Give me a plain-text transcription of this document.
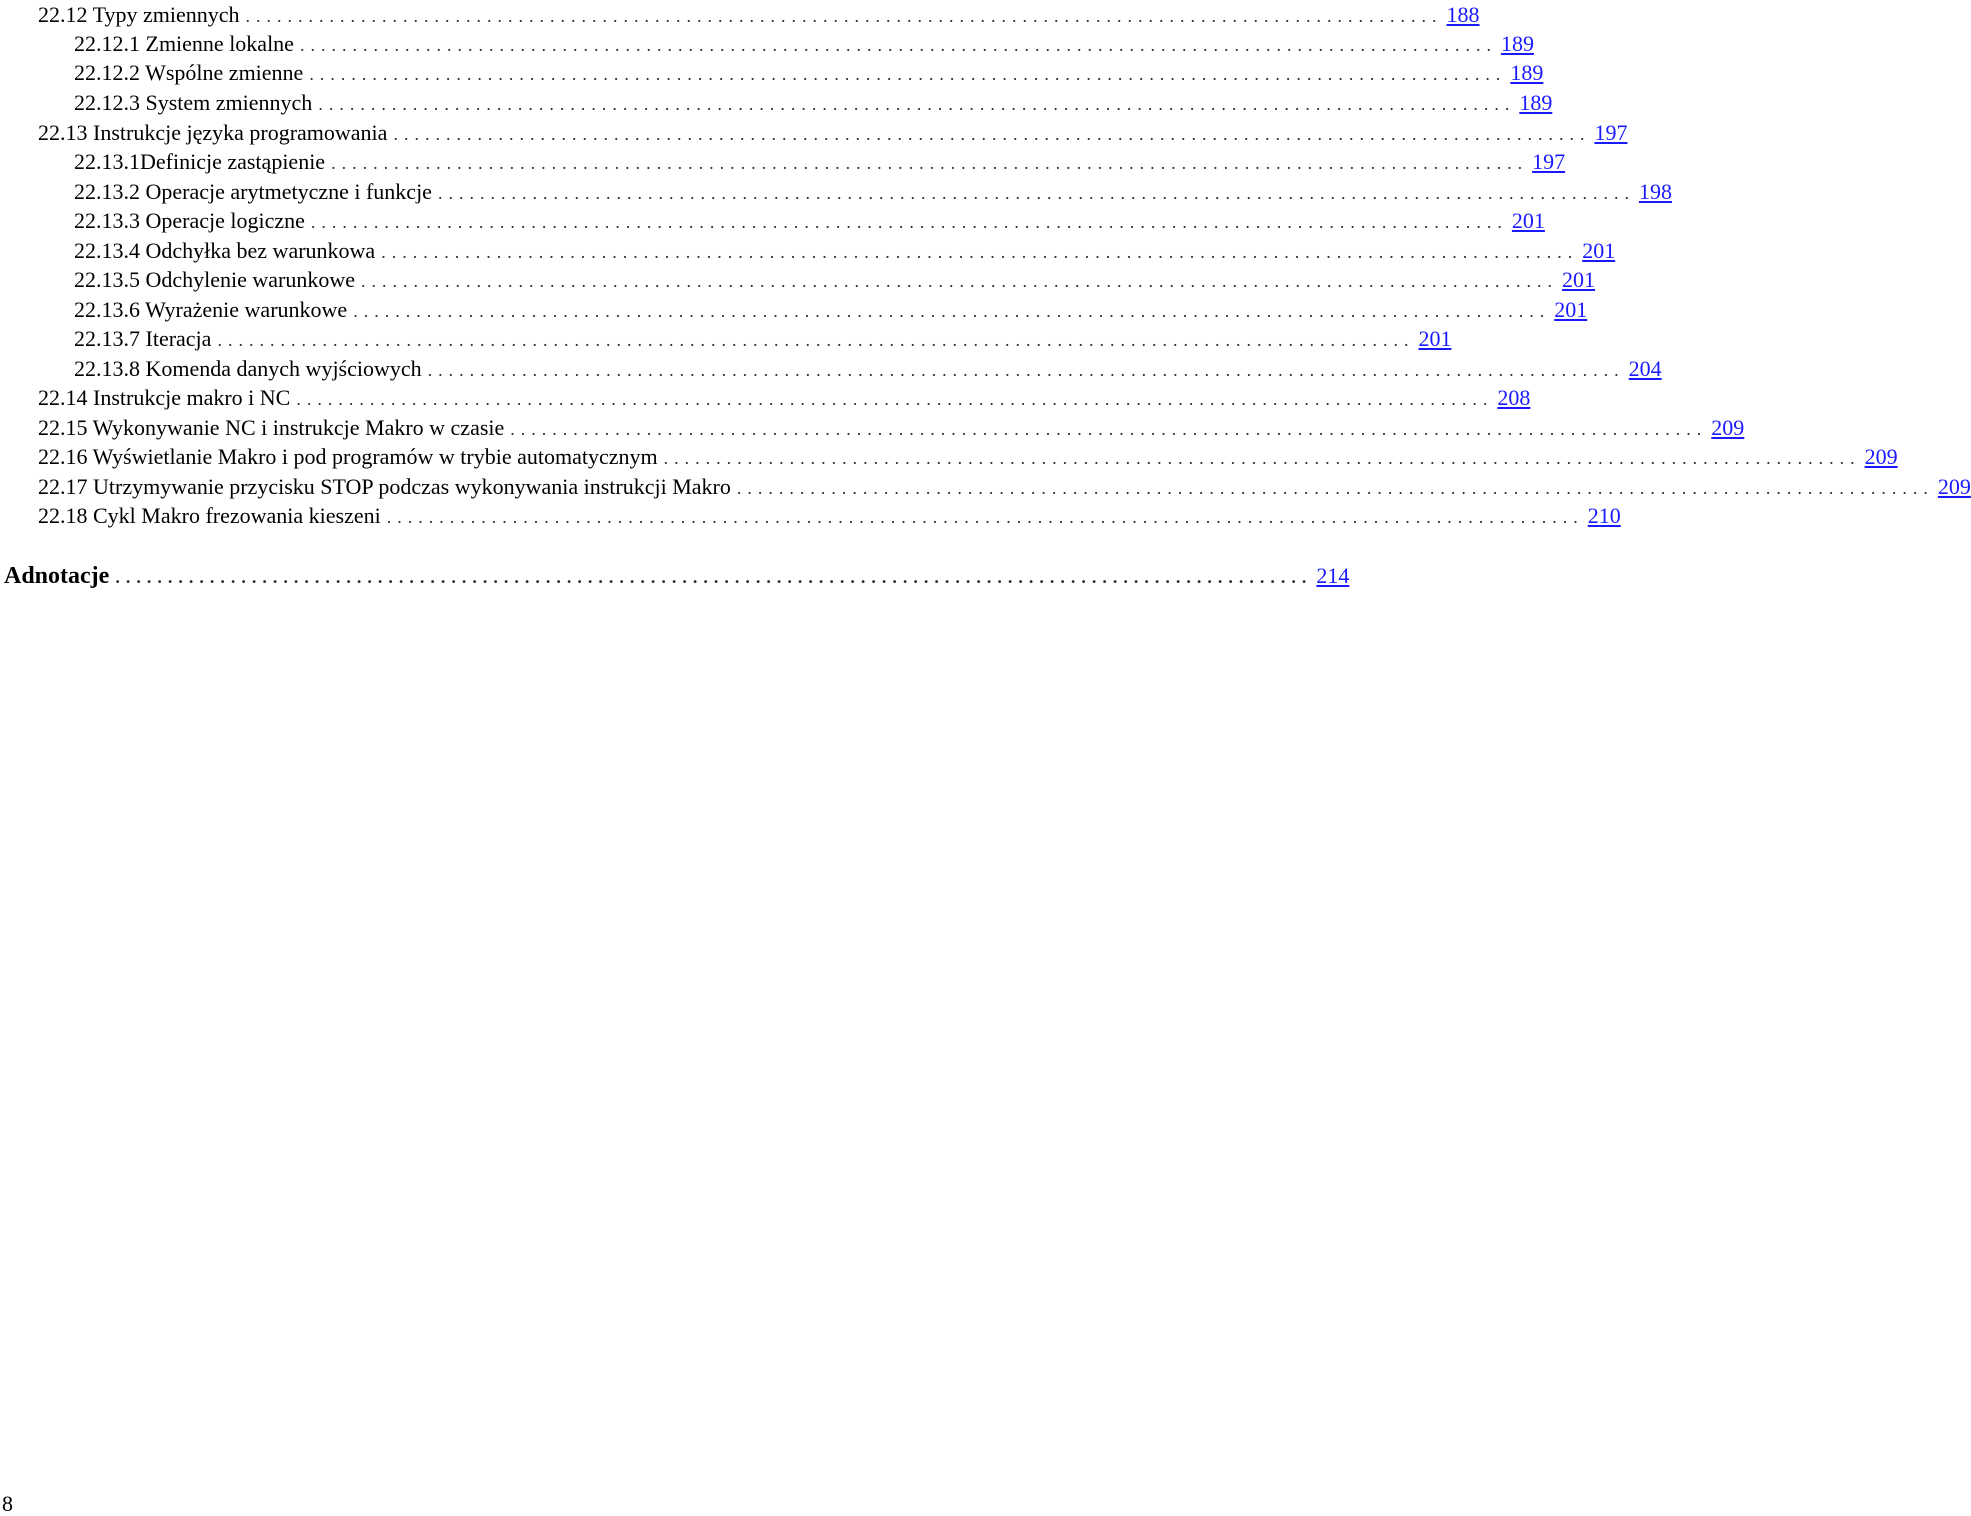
22.12 Typy zmiennych .................................................................................................................. 188
22.12.1 Zmienne lokalne .................................................................................................................. 189
22.12.2 Wspólne zmienne .................................................................................................................. 189
22.12.3 System zmiennych .................................................................................................................. 189
22.13 Instrukcje języka programowania .................................................................................................................. 197
22.13.1Definicje zastąpienie .................................................................................................................. 197
22.13.2 Operacje arytmetyczne i funkcje .................................................................................................................. 198
22.13.3 Operacje logiczne .................................................................................................................. 201
22.13.4 Odchyłka bez warunkowa .................................................................................................................. 201
22.13.5 Odchylenie warunkowe .................................................................................................................. 201
22.13.6 Wyrażenie warunkowe .................................................................................................................. 201
22.13.7 Iteracja .................................................................................................................. 201
22.13.8 Komenda danych wyjściowych .................................................................................................................. 204
22.14 Instrukcje makro i NC .................................................................................................................. 208
22.15 Wykonywanie NC i instrukcje Makro w czasie .................................................................................................................. 209
22.16 Wyświetlanie Makro i pod programów w trybie automatycznym .................................................................................................................. 209
22.17 Utrzymywanie przycisku STOP podczas wykonywania instrukcji Makro .................................................................................................................. 209
22.18 Cykl Makro frezowania kieszeni .................................................................................................................. 210
Adnotacje .................................................................................................................. 214
8
